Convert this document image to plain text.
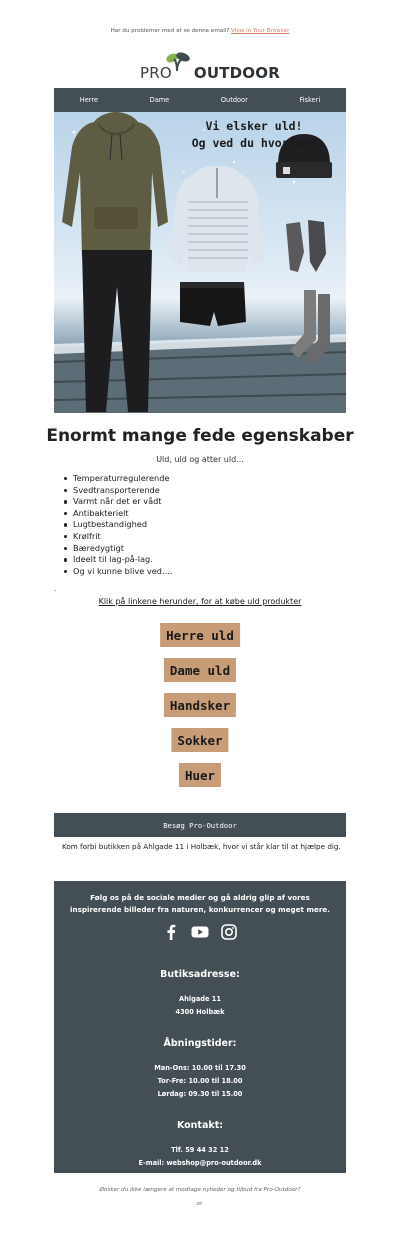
Har du problemer med at se denne email? View in Your Browser
PRO OUTDOOR
Herre	Dame	Outdoor	Fiskeri
Vi elsker uld!
Og ved du hvorfor?
Enormt mange fede egenskaber
Uld, uld og atter uld...
Temperaturregulerende
Svedtransporterende
Varmt når det er vådt
Antibakterielt
Lugtbestandighed
Krølfrit
Bæredygtigt
Ideelt til lag-på-lag.
Og vi kunne blive ved....
-
Klik på linkene herunder, for at købe uld produkter
Herre uld
Dame uld
Handsker
Sokker
Huer
Besøg Pro-Outdoor
Kom forbi butikken på Ahlgade 11 i Holbæk, hvor vi står klar til at hjælpe dig.
Følg os på de sociale medier og gå aldrig glip af vores inspirerende billeder fra naturen, konkurrencer og meget mere.
Butiksadresse:
Ahlgade 11
4300 Holbæk
Åbningstider:
Man-Ons: 10.00 til 17.30
Tor-Fre: 10.00 til 18.00
Lørdag: 09.30 til 15.00
Kontakt:
Tlf. 59 44 32 12
E-mail: webshop@pro-outdoor.dk
Ønsker du ikke længere at modtage nyheder og tilbud fra Pro-Outdoor?
or.
